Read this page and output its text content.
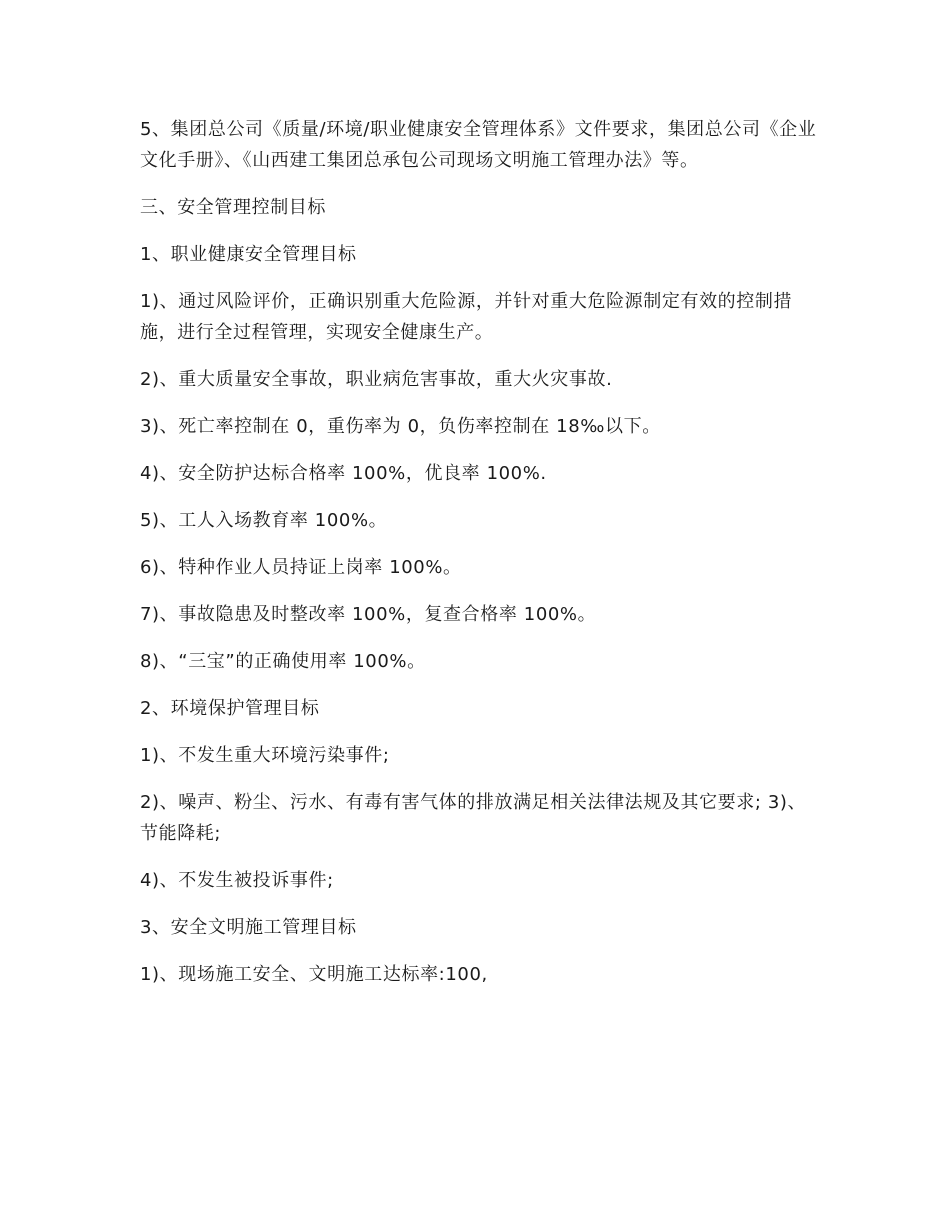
5、集团总公司《质量/环境/职业健康安全管理体系》文件要求，集团总公司《企业文化手册》、《山西建工集团总承包公司现场文明施工管理办法》等。

三、安全管理控制目标

1、职业健康安全管理目标

1)、通过风险评价，正确识别重大危险源，并针对重大危险源制定有效的控制措施，进行全过程管理，实现安全健康生产。

2)、重大质量安全事故，职业病危害事故，重大火灾事故.

3)、死亡率控制在 0，重伤率为 0，负伤率控制在 18‰以下。

4)、安全防护达标合格率 100%，优良率 100%.

5)、工人入场教育率 100%。

6)、特种作业人员持证上岗率 100%。

7)、事故隐患及时整改率 100%，复查合格率 100%。

8)、“三宝”的正确使用率 100%。

2、环境保护管理目标

1)、不发生重大环境污染事件;

2)、噪声、粉尘、污水、有毒有害气体的排放满足相关法律法规及其它要求; 3)、节能降耗;

4)、不发生被投诉事件;

3、安全文明施工管理目标

1)、现场施工安全、文明施工达标率:100,
